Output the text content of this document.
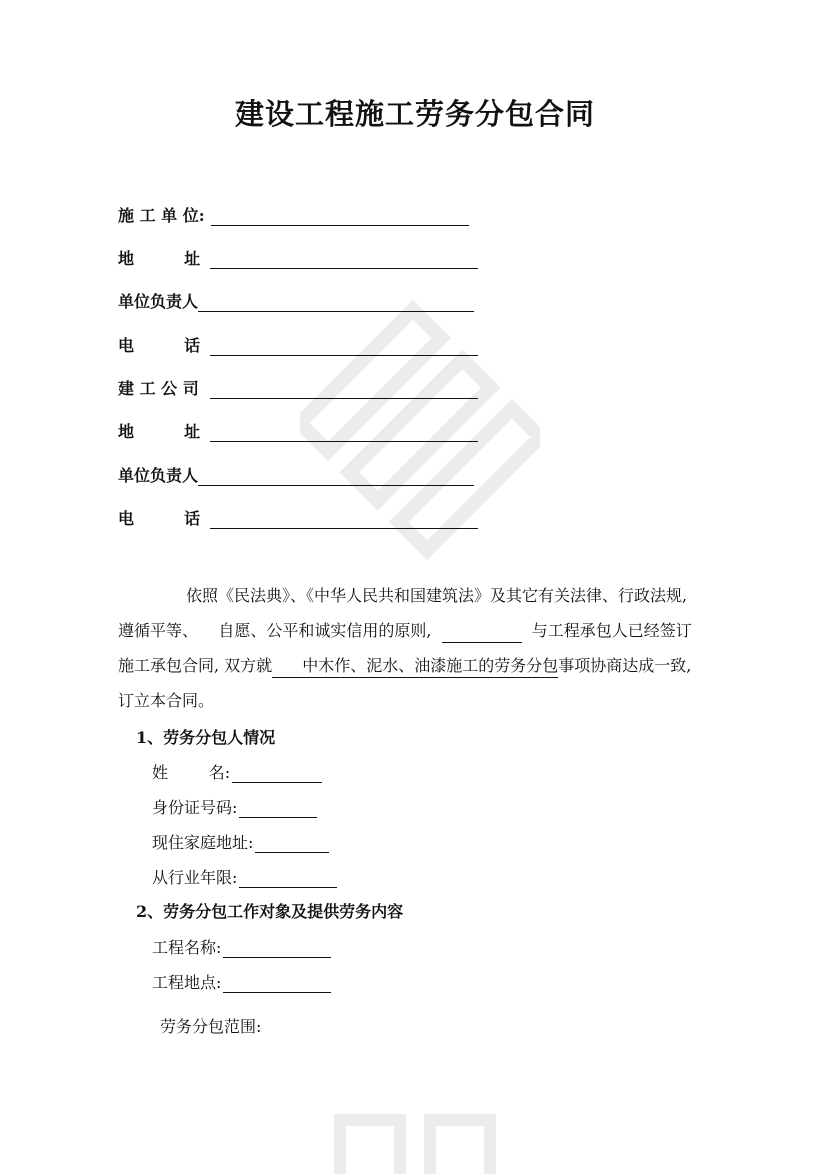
建设工程施工劳务分包合同
施 工 单 位:
地         址
单位负责人
电         话
建 工 公 司
地         址
单位负责人
电         话
依照《民法典》、《中华人民共和国建筑法》及其它有关法律、行政法规,
遵循平等、    自愿、公平和诚实信用的原则,	与工程承包人已经签订
施工承包合同, 双方就 中木作、泥水、油漆施工的劳务分包事项协商达成一致,
订立本合同。
1、劳务分包人情况
姓        名:
身份证号码:
现住家庭地址:
从行业年限:
2、劳务分包工作对象及提供劳务内容
工程名称:
工程地点:
劳务分包范围:
